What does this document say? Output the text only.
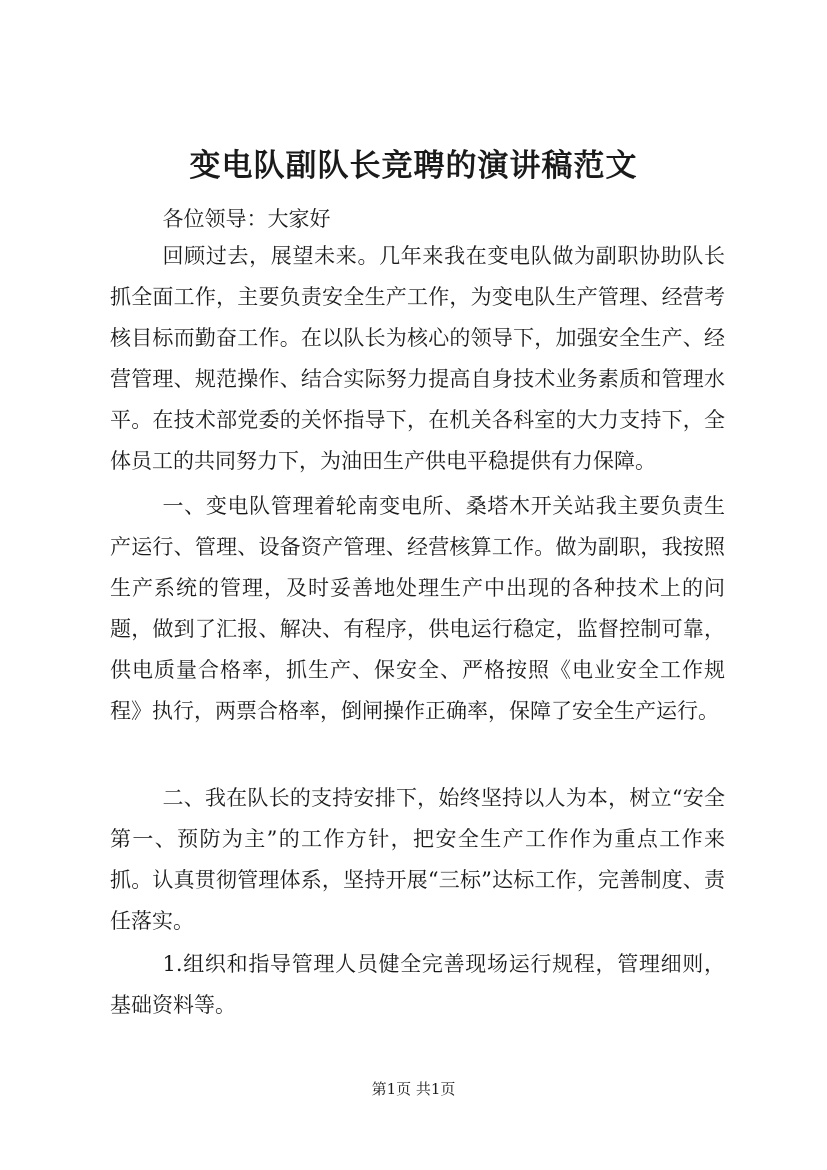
变电队副队长竞聘的演讲稿范文

各位领导：大家好

回顾过去，展望未来。几年来我在变电队做为副职协助队长抓全面工作，主要负责安全生产工作，为变电队生产管理、经营考核目标而勤奋工作。在以队长为核心的领导下，加强安全生产、经营管理、规范操作、结合实际努力提高自身技术业务素质和管理水平。在技术部党委的关怀指导下，在机关各科室的大力支持下，全体员工的共同努力下，为油田生产供电平稳提供有力保障。

一、变电队管理着轮南变电所、桑塔木开关站我主要负责生产运行、管理、设备资产管理、经营核算工作。做为副职，我按照生产系统的管理，及时妥善地处理生产中出现的各种技术上的问题，做到了汇报、解决、有程序，供电运行稳定，监督控制可靠，供电质量合格率，抓生产、保安全、严格按照《电业安全工作规程》执行，两票合格率，倒闸操作正确率，保障了安全生产运行。

二、我在队长的支持安排下，始终坚持以人为本，树立“安全第一、预防为主”的工作方针，把安全生产工作作为重点工作来抓。认真贯彻管理体系，坚持开展“三标”达标工作，完善制度、责任落实。

1.组织和指导管理人员健全完善现场运行规程，管理细则，基础资料等。

第1页 共1页
